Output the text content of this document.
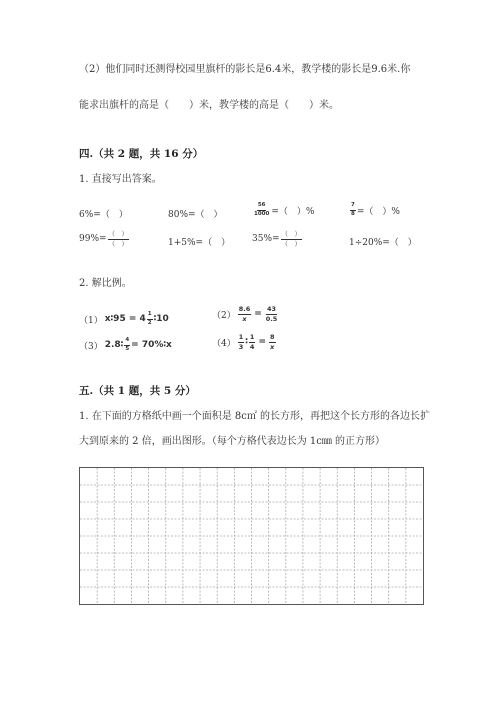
（2）他们同时还测得校园里旗杆的影长是6.4米，教学楼的影长是9.6米.你
能求出旗杆的高是（　　）米，教学楼的高是（　　）米。
四.（共 2 题，共 16 分）
1. 直接写出答案。
6%=（　）	80%=（　）	$\frac{56}{1000}$ =（　）%	$\frac{7}{8}$ =（　）%
$99\%= \frac{( )}{( )}$	1+5%=（　） $35\%= \frac{( )}{( )}$	1÷20%=（　）
2. 解比例。
（1） x∶95 = $4 \frac{1}{2}$ ∶10	$(2) \frac{8.6}{x} = \frac{43}{0.5}$
（3） 2.8∶ $\frac{4}{5}$ = 70%∶x	$(4) \frac{1}{3}$ ∶ $\frac{1}{4} = \frac{8}{x}$
五.（共 1 题，共 5 分）
1. 在下面的方格纸中画一个面积是 8c㎡ 的长方形，再把这个长方形的各边长扩
大到原来的 2 倍，画出图形。（每个方格代表边长为 1c㎜ 的正方形）
